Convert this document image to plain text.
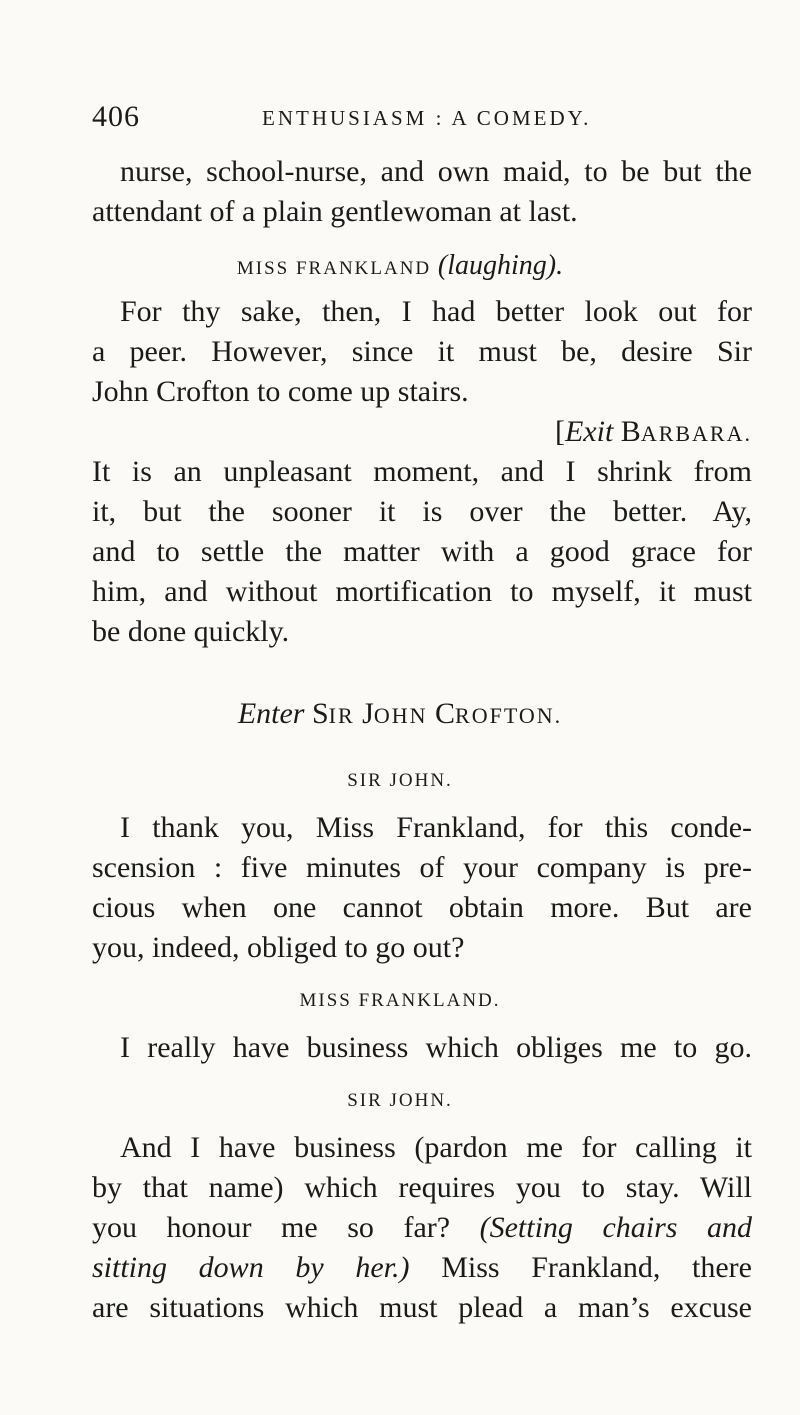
406	ENTHUSIASM : A COMEDY.
nurse, school-nurse, and own maid, to be but the
attendant of a plain gentlewoman at last.
MISS FRANKLAND (laughing).
For thy sake, then, I had better look out for
a peer. However, since it must be, desire Sir
John Crofton to come up stairs.
[Exit BARBARA.
It is an unpleasant moment, and I shrink from
it, but the sooner it is over the better. Ay,
and to settle the matter with a good grace for
him, and without mortification to myself, it must
be done quickly.
Enter SIR JOHN CROFTON.
SIR JOHN.
I thank you, Miss Frankland, for this conde-
scension : five minutes of your company is pre-
cious when one cannot obtain more. But are
you, indeed, obliged to go out?
MISS FRANKLAND.
I really have business which obliges me to go.
SIR JOHN.
And I have business (pardon me for calling it
by that name) which requires you to stay. Will
you honour me so far? (Setting chairs and
sitting down by her.) Miss Frankland, there
are situations which must plead a man’s excuse
